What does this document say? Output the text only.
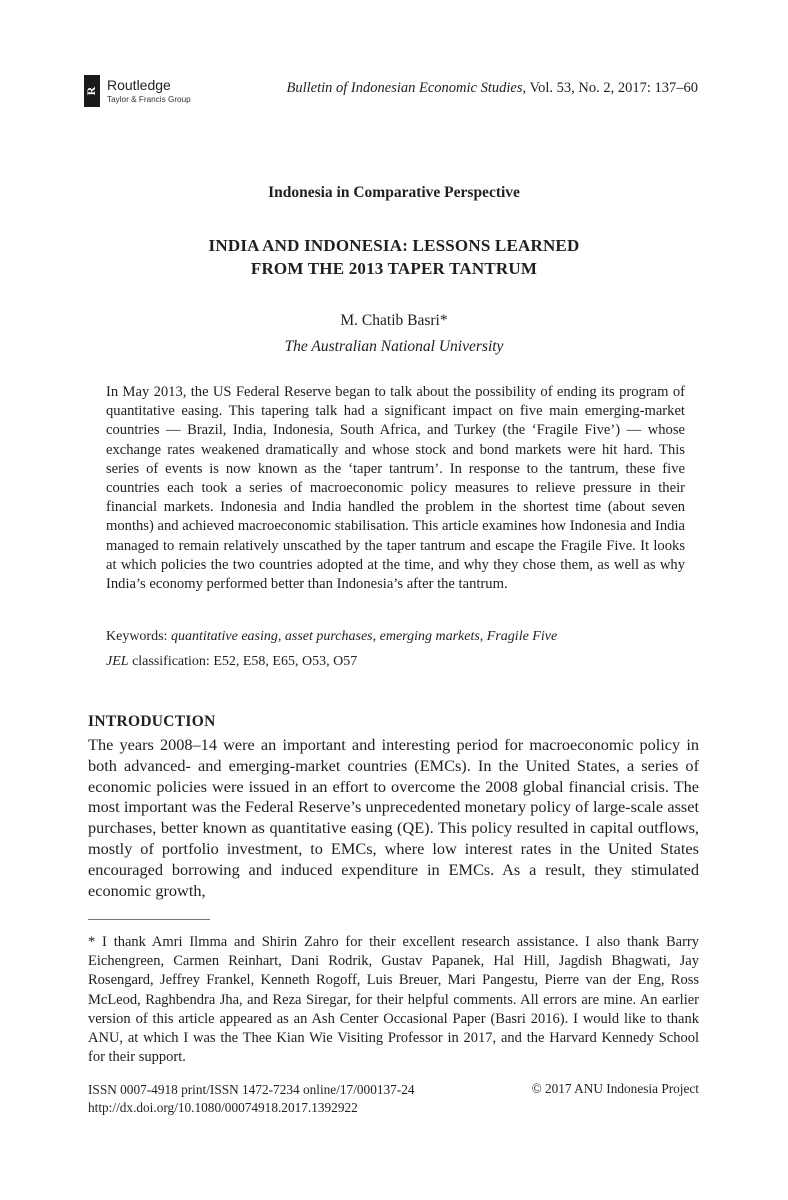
R Routledge
Taylor & Francis Group
Bulletin of Indonesian Economic Studies, Vol. 53, No. 2, 2017: 137–60
Indonesia in Comparative Perspective
INDIA AND INDONESIA: LESSONS LEARNED
FROM THE 2013 TAPER TANTRUM
M. Chatib Basri*
The Australian National University

In May 2013, the US Federal Reserve began to talk about the possibility of ending its program of quantitative easing. This tapering talk had a significant impact on five main emerging-market countries — Brazil, India, Indonesia, South Africa, and Turkey (the ‘Fragile Five’) — whose exchange rates weakened dramatically and whose stock and bond markets were hit hard. This series of events is now known as the ‘taper tantrum’. In response to the tantrum, these five countries each took a series of macroeconomic policy measures to relieve pressure in their financial markets. Indonesia and India handled the problem in the shortest time (about seven months) and achieved macroeconomic stabilisation. This article examines how Indonesia and India managed to remain relatively unscathed by the taper tantrum and escape the Fragile Five. It looks at which policies the two countries adopted at the time, and why they chose them, as well as why India’s economy performed better than Indonesia’s after the tantrum.

Keywords: quantitative easing, asset purchases, emerging markets, Fragile Five
JEL classification: E52, E58, E65, O53, O57
INTRODUCTION

The years 2008–14 were an important and interesting period for macroeconomic policy in both advanced- and emerging-market countries (EMCs). In the United States, a series of economic policies were issued in an effort to overcome the 2008 global financial crisis. The most important was the Federal Reserve’s unprecedented monetary policy of large-scale asset purchases, better known as quantitative easing (QE). This policy resulted in capital outflows, mostly of portfolio investment, to EMCs, where low interest rates in the United States encouraged borrowing and induced expenditure in EMCs. As a result, they stimulated economic growth,

* I thank Amri Ilmma and Shirin Zahro for their excellent research assistance. I also thank Barry Eichengreen, Carmen Reinhart, Dani Rodrik, Gustav Papanek, Hal Hill, Jagdish Bhagwati, Jay Rosengard, Jeffrey Frankel, Kenneth Rogoff, Luis Breuer, Mari Pangestu, Pierre van der Eng, Ross McLeod, Raghbendra Jha, and Reza Siregar, for their helpful comments. All errors are mine. An earlier version of this article appeared as an Ash Center Occasional Paper (Basri 2016). I would like to thank ANU, at which I was the Thee Kian Wie Visiting Professor in 2017, and the Harvard Kennedy School for their support.

ISSN 0007-4918 print/ISSN 1472-7234 online/17/000137-24
http://dx.doi.org/10.1080/00074918.2017.1392922
© 2017 ANU Indonesia Project
